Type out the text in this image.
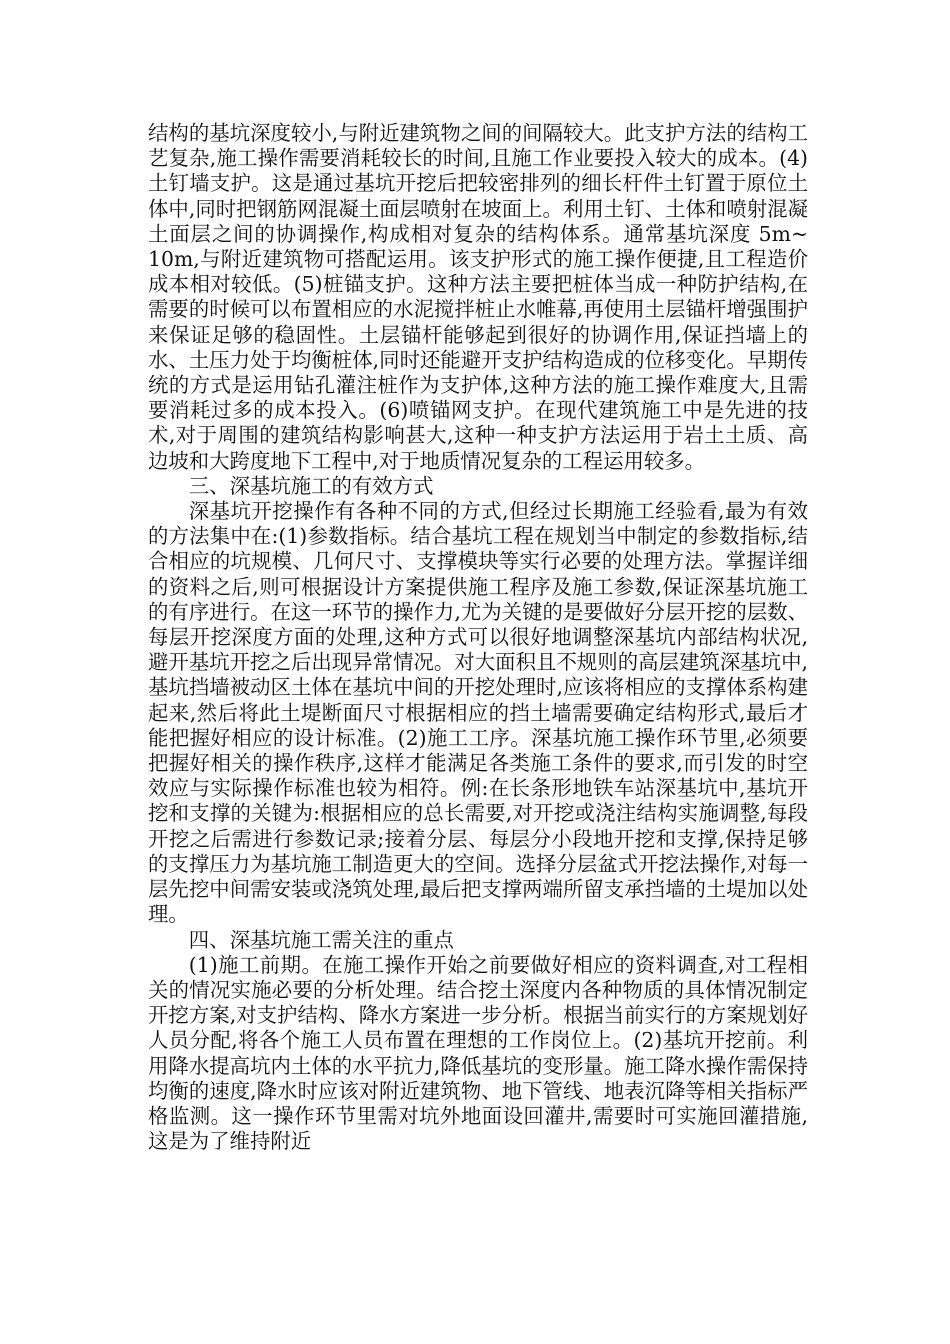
结构的基坑深度较小,与附近建筑物之间的间隔较大。此支护方法的结构工艺复杂,施工操作需要消耗较长的时间,且施工作业要投入较大的成本。(4)土钉墙支护。这是通过基坑开挖后把较密排列的细长杆件土钉置于原位土体中,同时把钢筋网混凝土面层喷射在坡面上。利用土钉、土体和喷射混凝土面层之间的协调操作,构成相对复杂的结构体系。通常基坑深度 5m~ 10m,与附近建筑物可搭配运用。该支护形式的施工操作便捷,且工程造价成本相对较低。(5)桩锚支护。这种方法主要把桩体当成一种防护结构,在需要的时候可以布置相应的水泥搅拌桩止水帷幕,再使用土层锚杆增强围护来保证足够的稳固性。土层锚杆能够起到很好的协调作用,保证挡墙上的水、土压力处于均衡桩体,同时还能避开支护结构造成的位移变化。早期传统的方式是运用钻孔灌注桩作为支护体,这种方法的施工操作难度大,且需要消耗过多的成本投入。(6)喷锚网支护。在现代建筑施工中是先进的技术,对于周围的建筑结构影响甚大,这种一种支护方法运用于岩土土质、高边坡和大跨度地下工程中,对于地质情况复杂的工程运用较多。

三、深基坑施工的有效方式

深基坑开挖操作有各种不同的方式,但经过长期施工经验看,最为有效的方法集中在:(1)参数指标。结合基坑工程在规划当中制定的参数指标,结合相应的坑规模、几何尺寸、支撑模块等实行必要的处理方法。掌握详细的资料之后,则可根据设计方案提供施工程序及施工参数,保证深基坑施工的有序进行。在这一环节的操作力,尤为关键的是要做好分层开挖的层数、每层开挖深度方面的处理,这种方式可以很好地调整深基坑内部结构状况,避开基坑开挖之后出现异常情况。对大面积且不规则的高层建筑深基坑中,基坑挡墙被动区土体在基坑中间的开挖处理时,应该将相应的支撑体系构建起来,然后将此土堤断面尺寸根据相应的挡土墙需要确定结构形式,最后才能把握好相应的设计标准。(2)施工工序。深基坑施工操作环节里,必须要把握好相关的操作秩序,这样才能满足各类施工条件的要求,而引发的时空效应与实际操作标准也较为相符。例:在长条形地铁车站深基坑中,基坑开挖和支撑的关键为:根据相应的总长需要,对开挖或浇注结构实施调整,每段开挖之后需进行参数记录;接着分层、每层分小段地开挖和支撑,保持足够的支撑压力为基坑施工制造更大的空间。选择分层盆式开挖法操作,对每一层先挖中间需安装或浇筑处理,最后把支撑两端所留支承挡墙的土堤加以处理。

四、深基坑施工需关注的重点

(1)施工前期。在施工操作开始之前要做好相应的资料调查,对工程相关的情况实施必要的分析处理。结合挖土深度内各种物质的具体情况制定开挖方案,对支护结构、降水方案进一步分析。根据当前实行的方案规划好人员分配,将各个施工人员布置在理想的工作岗位上。(2)基坑开挖前。利用降水提高坑内土体的水平抗力,降低基坑的变形量。施工降水操作需保持均衡的速度,降水时应该对附近建筑物、地下管线、地表沉降等相关指标严格监测。这一操作环节里需对坑外地面设回灌井,需要时可实施回灌措施,这是为了维持附近
